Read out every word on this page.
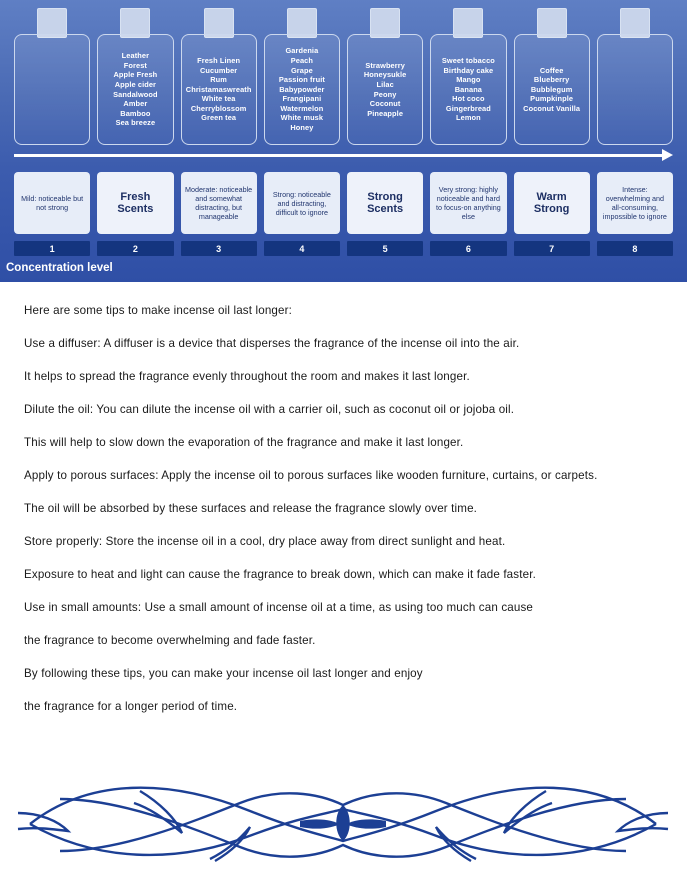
Leather
Forest
Apple Fresh
Apple cider
Sandalwood
Amber
Bamboo
Sea breeze
Fresh Linen
Cucumber
Rum
Christamaswreath
White tea
Cherryblossom
Green tea
Gardenia
Peach
Grape
Passion fruit
Babypowder
Frangipani
Watermelon
White musk
Honey
Strawberry
Honeysukle
Lilac
Peony
Coconut
Pineapple
Sweet tobacco
Birthday cake
Mango
Banana
Hot coco
Gingerbread Lemon
Coffee
Blueberry
Bubblegum
Pumpkinple
Coconut Vanilla
Mild: noticeable but not strong
Fresh Scents
Moderate: noticeable and somewhat distracting, but manageable
Strong: noticeable and distracting, difficult to ignore
Strong Scents
Very strong: highly noticeable and hard to focus-on anything else
Warm Strong
Intense: overwhelming and all-consuming, impossible to ignore
1	2	3	4	5	6	7	8
Concentration level

Here are some tips to make incense oil last longer:

Use a diffuser: A diffuser is a device that disperses the fragrance of the incense oil into the air.

It helps to spread the fragrance evenly throughout the room and makes it last longer.

Dilute the oil: You can dilute the incense oil with a carrier oil, such as coconut oil or jojoba oil.

This will help to slow down the evaporation of the fragrance and make it last longer.

Apply to porous surfaces: Apply the incense oil to porous surfaces like wooden furniture, curtains, or carpets.

The oil will be absorbed by these surfaces and release the fragrance slowly over time.

Store properly: Store the incense oil in a cool, dry place away from direct sunlight and heat.

Exposure to heat and light can cause the fragrance to break down, which can make it fade faster.

Use in small amounts: Use a small amount of incense oil at a time, as using too much can cause

the fragrance to become overwhelming and fade faster.

By following these tips, you can make your incense oil last longer and enjoy

the fragrance for a longer period of time.
